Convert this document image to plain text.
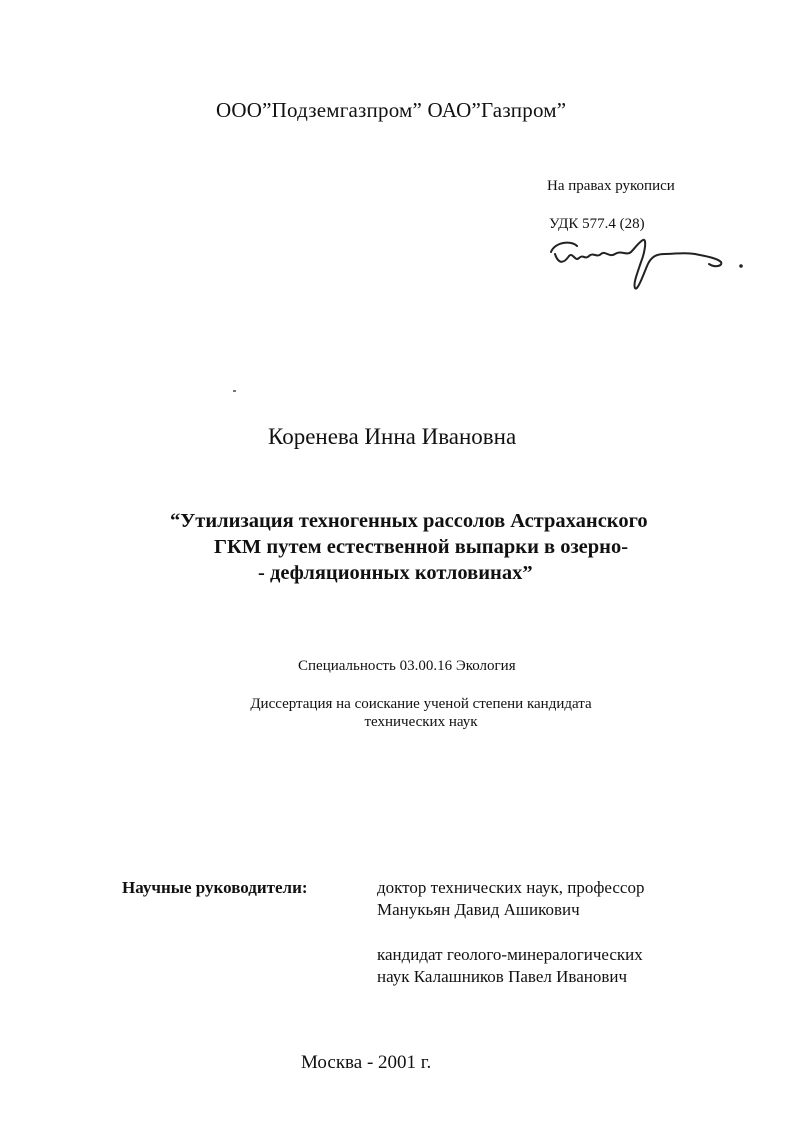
ООО”Подземгазпром” ОАО”Газпром”
На правах рукописи
УДК 577.4 (28)
Коренева Инна Ивановна
“Утилизация техногенных рассолов Астраханского
ГКМ путем естественной выпарки в озерно-
- дефляционных котловинах”
Специальность 03.00.16 Экология
Диссертация на соискание ученой степени кандидата технических наук
Научные руководители:	доктор технических наук, профессор
Манукьян Давид Ашикович
кандидат геолого-минералогических
наук Калашников Павел Иванович
Москва - 2001 г.
